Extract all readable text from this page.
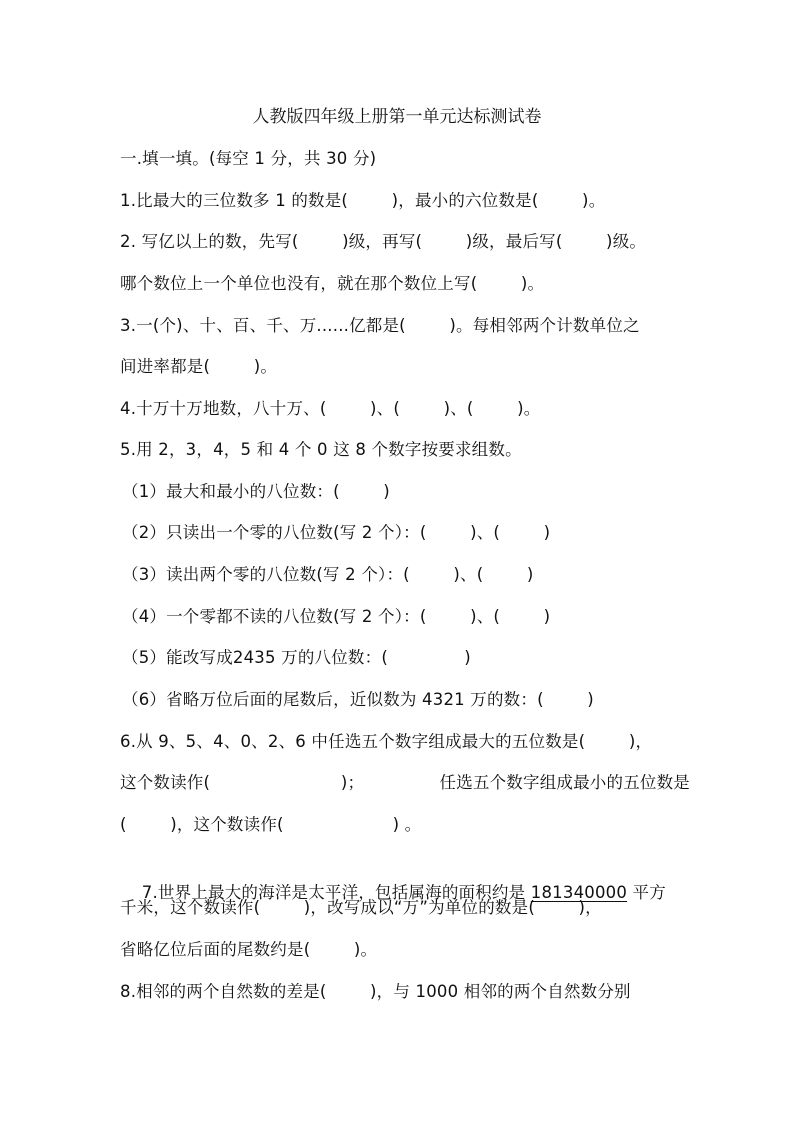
人教版四年级上册第一单元达标测试卷
一.填一填。(每空 1 分，共 30 分)
1.比最大的三位数多 1 的数是(        )，最小的六位数是(        )。
2. 写亿以上的数，先写(        )级，再写(        )级，最后写(        )级。
哪个数位上一个单位也没有，就在那个数位上写(        )。
3.一(个)、十、百、千、万......亿都是(        )。每相邻两个计数单位之
间进率都是(        )。
4.十万十万地数，八十万、(        )、(        )、(        )。
5.用 2，3，4，5 和 4 个 0 这 8 个数字按要求组数。
（1）最大和最小的八位数：(        )
（2）只读出一个零的八位数(写 2 个）：(        )、(        )
（3）读出两个零的八位数(写 2 个）：(        )、(        )
（4）一个零都不读的八位数(写 2 个）：(        )、(        )
（5）能改写成2435 万的八位数：(              )
（6）省略万位后面的尾数后，近似数为 4321 万的数：(        )
6.从 9、5、4、0、2、6 中任选五个数字组成最大的五位数是(        )，
这个数读作(                        )；	任选五个数字组成最小的五位数是
(        )，这个数读作(                    ) 。

7.世界上最大的海洋是太平洋，包括属海的面积约是 181340000 平方

千米，这个数读作(        )，改写成以“万”为单位的数是(        )，
省略亿位后面的尾数约是(        )。
8.相邻的两个自然数的差是(        )，与 1000 相邻的两个自然数分别
